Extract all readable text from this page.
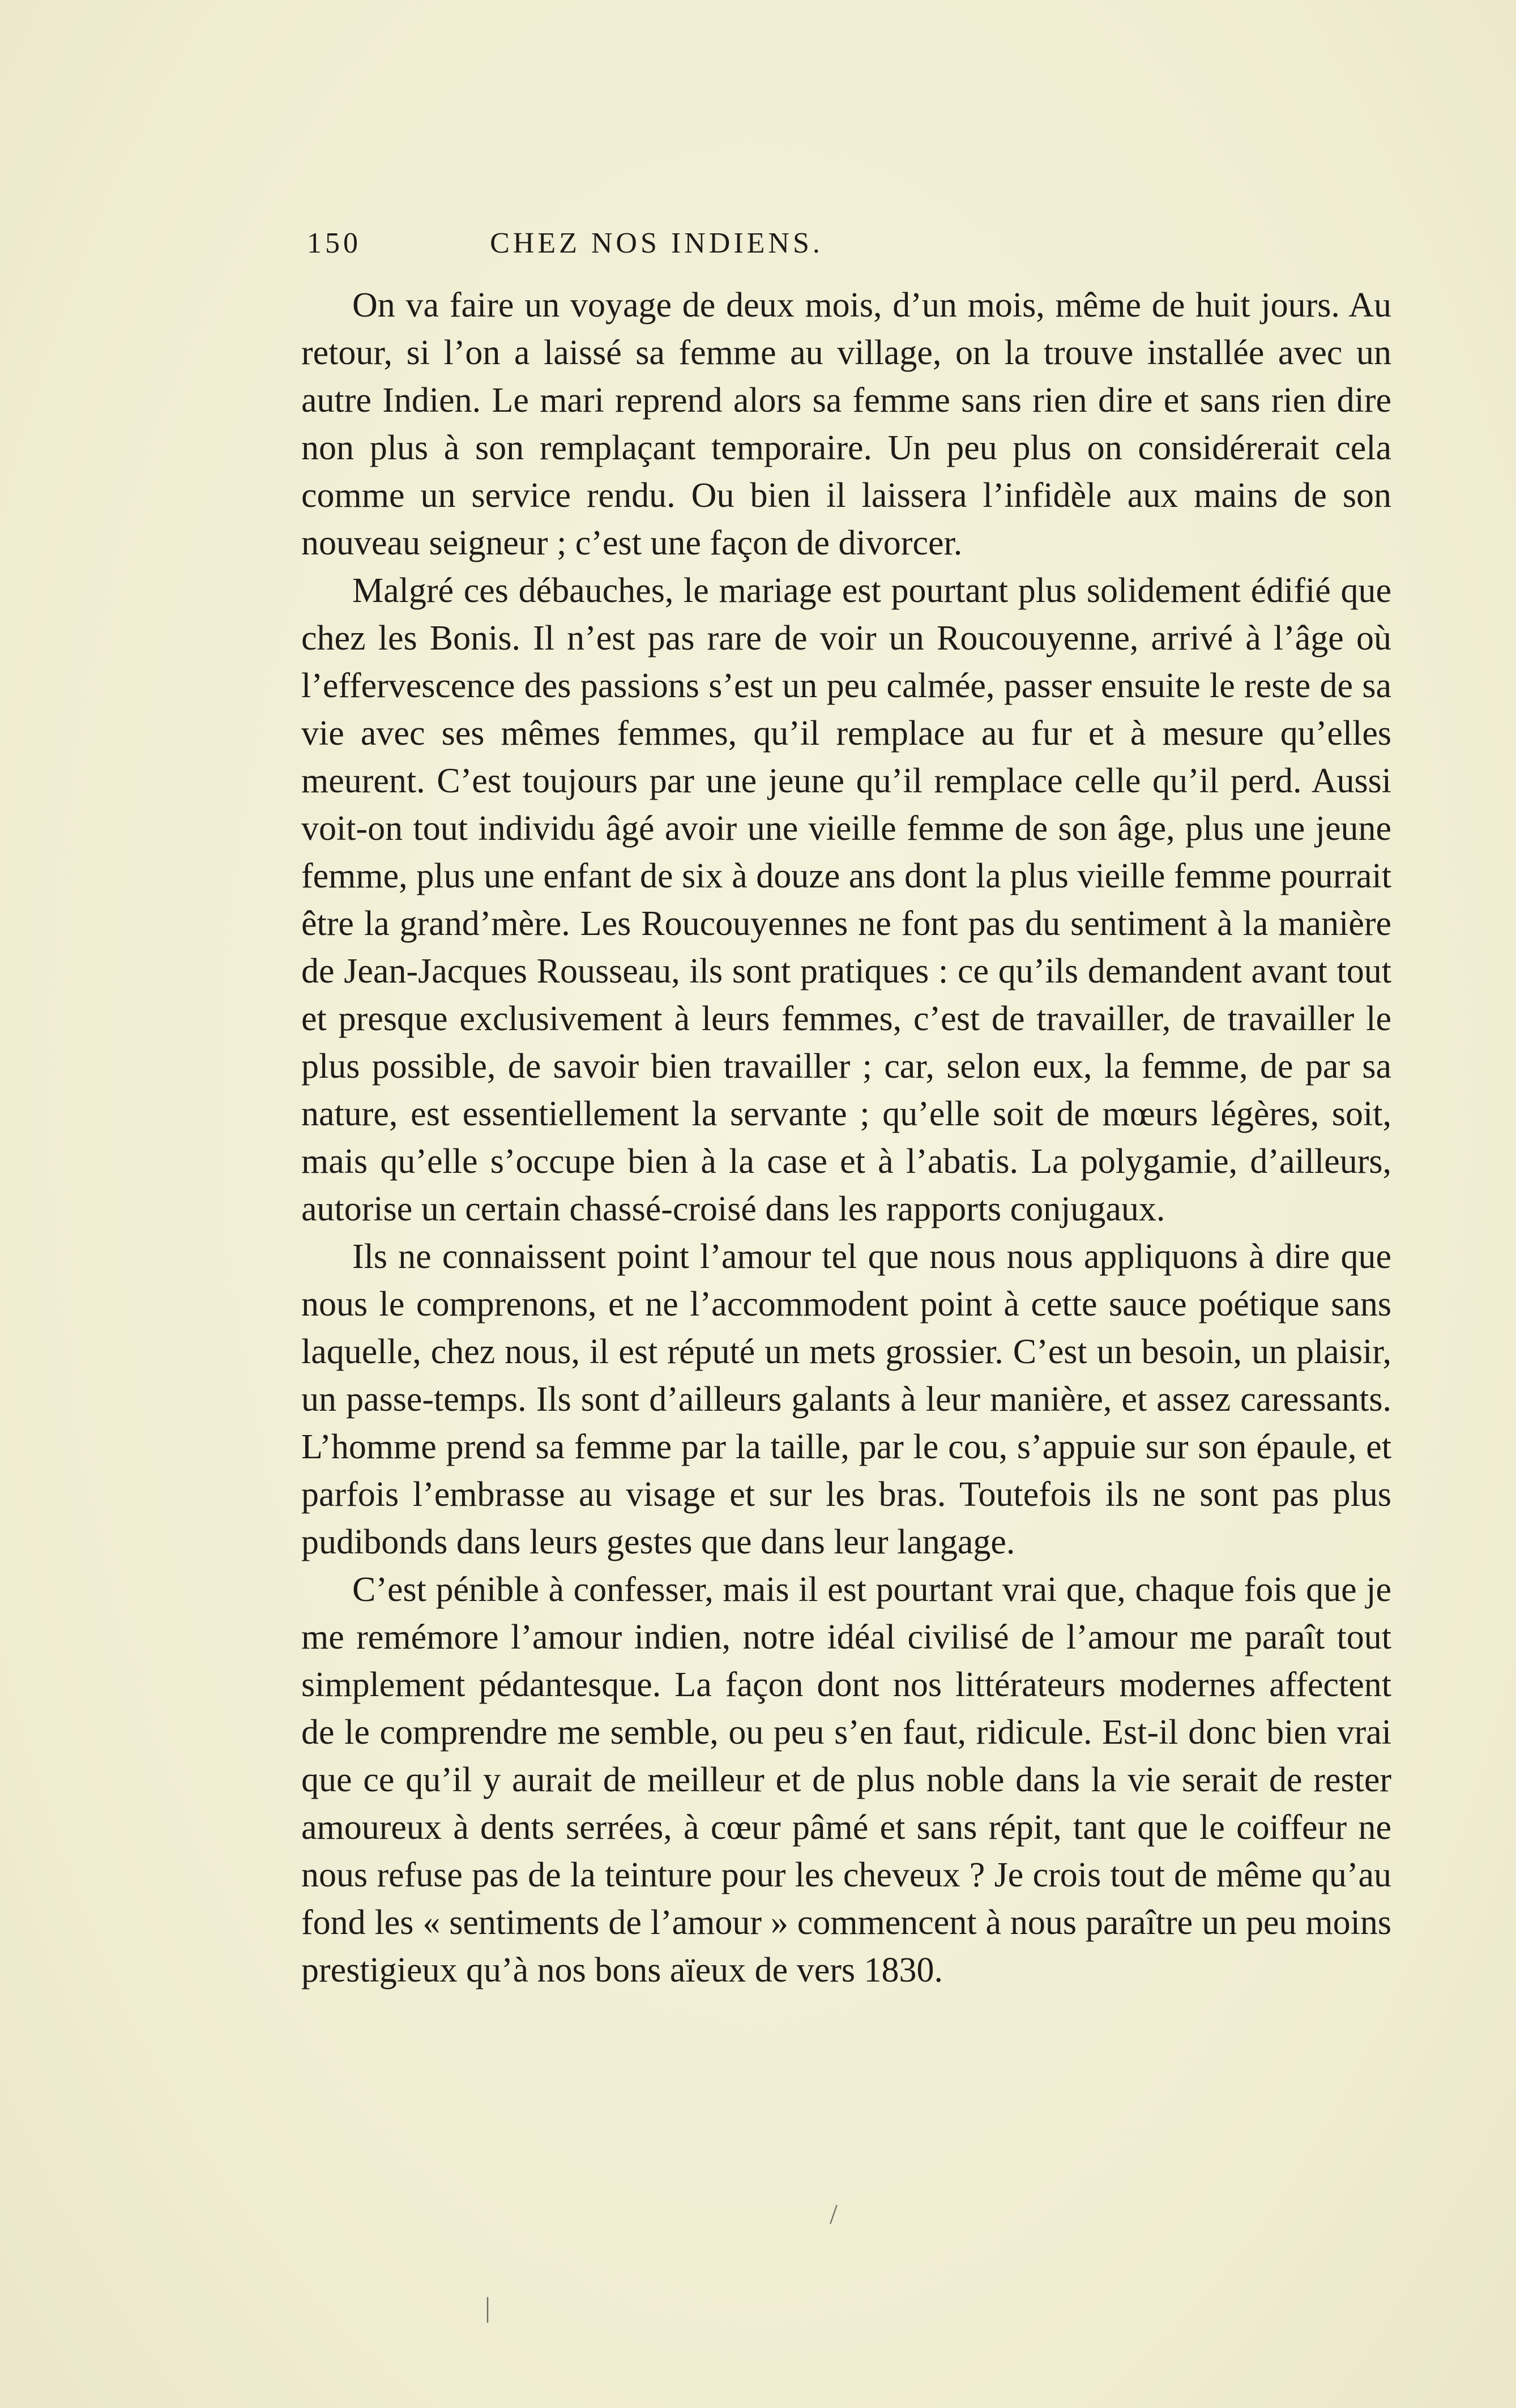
150	CHEZ NOS INDIENS.

On va faire un voyage de deux mois, d’un mois, même de huit jours. Au retour, si l’on a laissé sa femme au village, on la trouve installée avec un autre Indien. Le mari reprend alors sa femme sans rien dire et sans rien dire non plus à son remplaçant temporaire. Un peu plus on considérerait cela comme un service rendu. Ou bien il laissera l’infidèle aux mains de son nouveau seigneur ; c’est une façon de divorcer.

Malgré ces débauches, le mariage est pourtant plus solidement édifié que chez les Bonis. Il n’est pas rare de voir un Roucouyenne, arrivé à l’âge où l’effervescence des passions s’est un peu calmée, passer ensuite le reste de sa vie avec ses mêmes femmes, qu’il remplace au fur et à mesure qu’elles meurent. C’est toujours par une jeune qu’il remplace celle qu’il perd. Aussi voit-on tout individu âgé avoir une vieille femme de son âge, plus une jeune femme, plus une enfant de six à douze ans dont la plus vieille femme pourrait être la grand’mère. Les Roucouyennes ne font pas du sentiment à la manière de Jean-Jacques Rousseau, ils sont pratiques : ce qu’ils demandent avant tout et presque exclusivement à leurs femmes, c’est de travailler, de travailler le plus possible, de savoir bien travailler ; car, selon eux, la femme, de par sa nature, est essentiellement la servante ; qu’elle soit de mœurs légères, soit, mais qu’elle s’occupe bien à la case et à l’abatis. La polygamie, d’ailleurs, autorise un certain chassé-croisé dans les rapports conjugaux.

Ils ne connaissent point l’amour tel que nous nous appliquons à dire que nous le comprenons, et ne l’accommodent point à cette sauce poétique sans laquelle, chez nous, il est réputé un mets grossier. C’est un besoin, un plaisir, un passe-temps. Ils sont d’ailleurs galants à leur manière, et assez caressants. L’homme prend sa femme par la taille, par le cou, s’appuie sur son épaule, et parfois l’embrasse au visage et sur les bras. Toutefois ils ne sont pas plus pudibonds dans leurs gestes que dans leur langage.

C’est pénible à confesser, mais il est pourtant vrai que, chaque fois que je me remémore l’amour indien, notre idéal civilisé de l’amour me paraît tout simplement pédantesque. La façon dont nos littérateurs modernes affectent de le comprendre me semble, ou peu s’en faut, ridicule. Est-il donc bien vrai que ce qu’il y aurait de meilleur et de plus noble dans la vie serait de rester amoureux à dents serrées, à cœur pâmé et sans répit, tant que le coiffeur ne nous refuse pas de la teinture pour les cheveux ? Je crois tout de même qu’au fond les « sentiments de l’amour » commencent à nous paraître un peu moins prestigieux qu’à nos bons aïeux de vers 1830.

/
|
